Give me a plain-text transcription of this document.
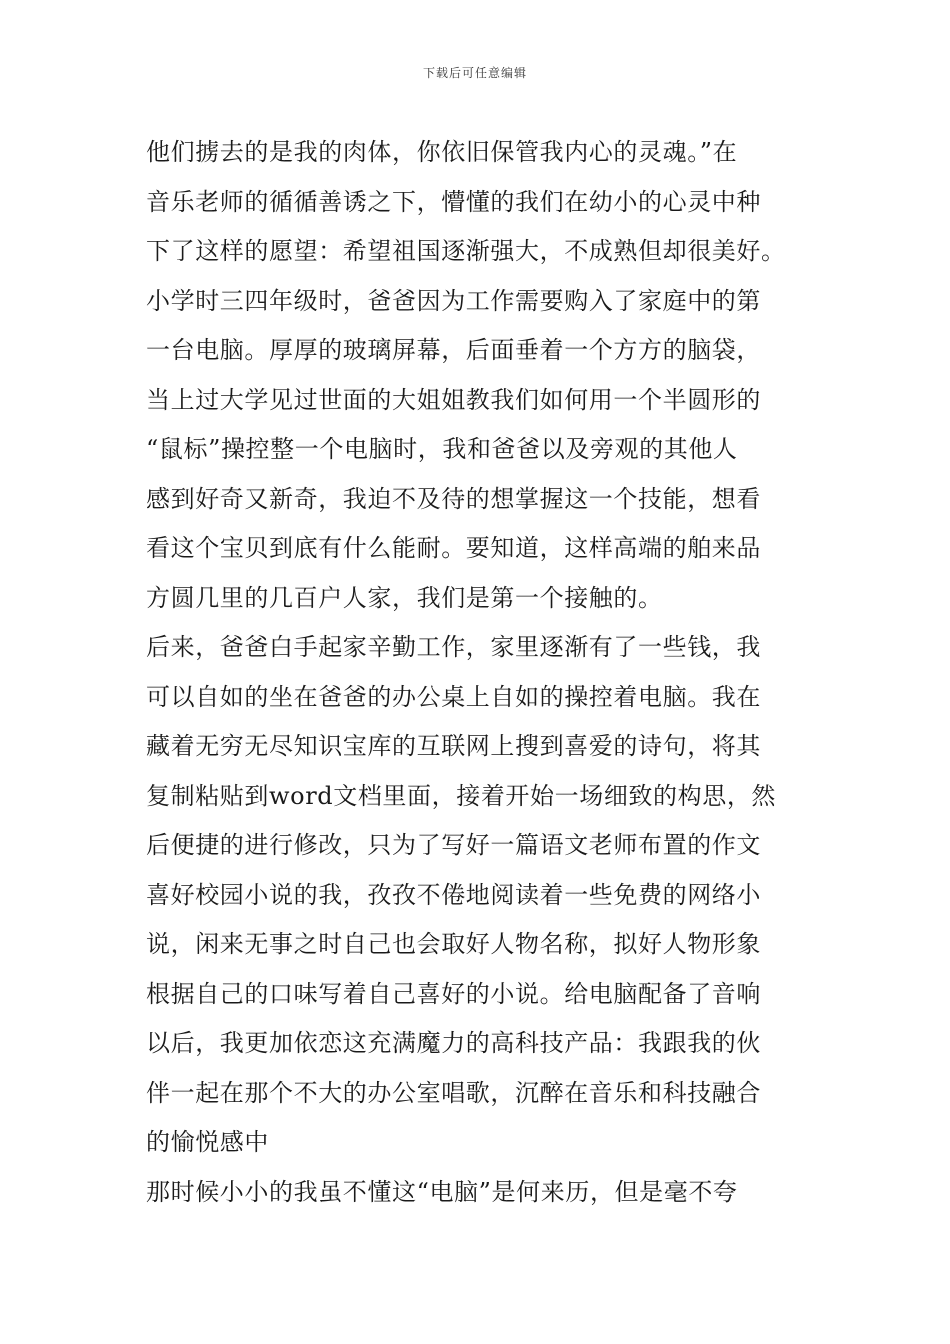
下载后可任意编辑
他们掳去的是我的肉体，你依旧保管我内心的灵魂。”在
音乐老师的循循善诱之下，懵懂的我们在幼小的心灵中种
下了这样的愿望：希望祖国逐渐强大，不成熟但却很美好。
小学时三四年级时，爸爸因为工作需要购入了家庭中的第
一台电脑。厚厚的玻璃屏幕，后面垂着一个方方的脑袋，
当上过大学见过世面的大姐姐教我们如何用一个半圆形的
“鼠标”操控整一个电脑时，我和爸爸以及旁观的其他人
感到好奇又新奇，我迫不及待的想掌握这一个技能，想看
看这个宝贝到底有什么能耐。要知道，这样高端的舶来品
方圆几里的几百户人家，我们是第一个接触的。
后来，爸爸白手起家辛勤工作，家里逐渐有了一些钱，我
可以自如的坐在爸爸的办公桌上自如的操控着电脑。我在
藏着无穷无尽知识宝库的互联网上搜到喜爱的诗句，将其
复制粘贴到word文档里面，接着开始一场细致的构思，然
后便捷的进行修改，只为了写好一篇语文老师布置的作文
喜好校园小说的我，孜孜不倦地阅读着一些免费的网络小
说，闲来无事之时自己也会取好人物名称，拟好人物形象
根据自己的口味写着自己喜好的小说。给电脑配备了音响
以后，我更加依恋这充满魔力的高科技产品：我跟我的伙
伴一起在那个不大的办公室唱歌，沉醉在音乐和科技融合
的愉悦感中
那时候小小的我虽不懂这“电脑”是何来历，但是毫不夸
